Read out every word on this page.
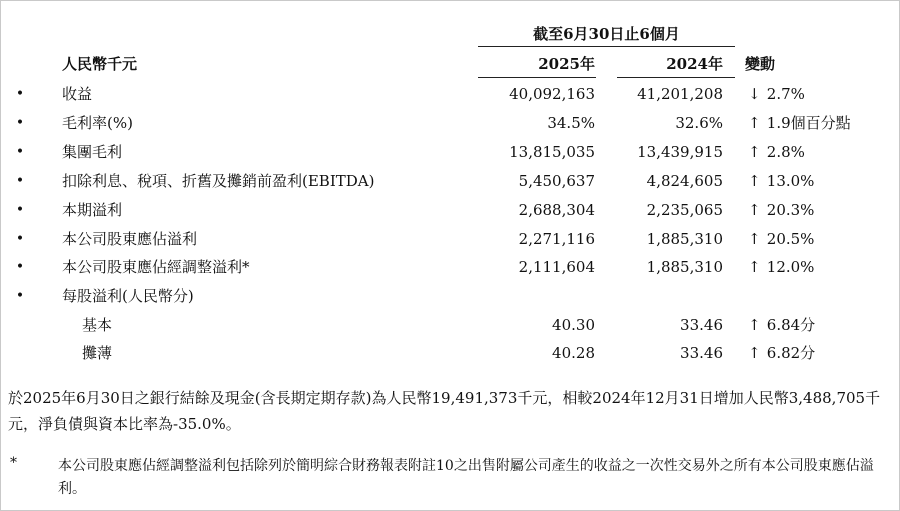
截至6月30日止6個月
人民幣千元	2025年	2024年 變動
•	收益	40,092,163	41,201,208 ↓ 2.7%
•	毛利率(%)	34.5%	32.6% ↑ 1.9個百分點
•	集團毛利	13,815,035	13,439,915 ↑ 2.8%
•	扣除利息、稅項、折舊及攤銷前盈利(EBITDA)	5,450,637	4,824,605 ↑ 13.0%
•	本期溢利	2,688,304	2,235,065 ↑ 20.3%
•	本公司股東應佔溢利	2,271,116	1,885,310 ↑ 20.5%
•	本公司股東應佔經調整溢利*	2,111,604	1,885,310 ↑ 12.0%
•	每股溢利(人民幣分)
基本	40.30	33.46 ↑ 6.84分
攤薄	40.28	33.46 ↑ 6.82分
於2025年6月30日之銀行結餘及現金(含長期定期存款)為人民幣19,491,373千元，相較2024年12月31日增加人民幣3,488,705千元，淨負債與資本比率為-35.0%。
*	本公司股東應佔經調整溢利包括除列於簡明綜合財務報表附註10之出售附屬公司產生的收益之一次性交易外之所有本公司股東應佔溢利。
